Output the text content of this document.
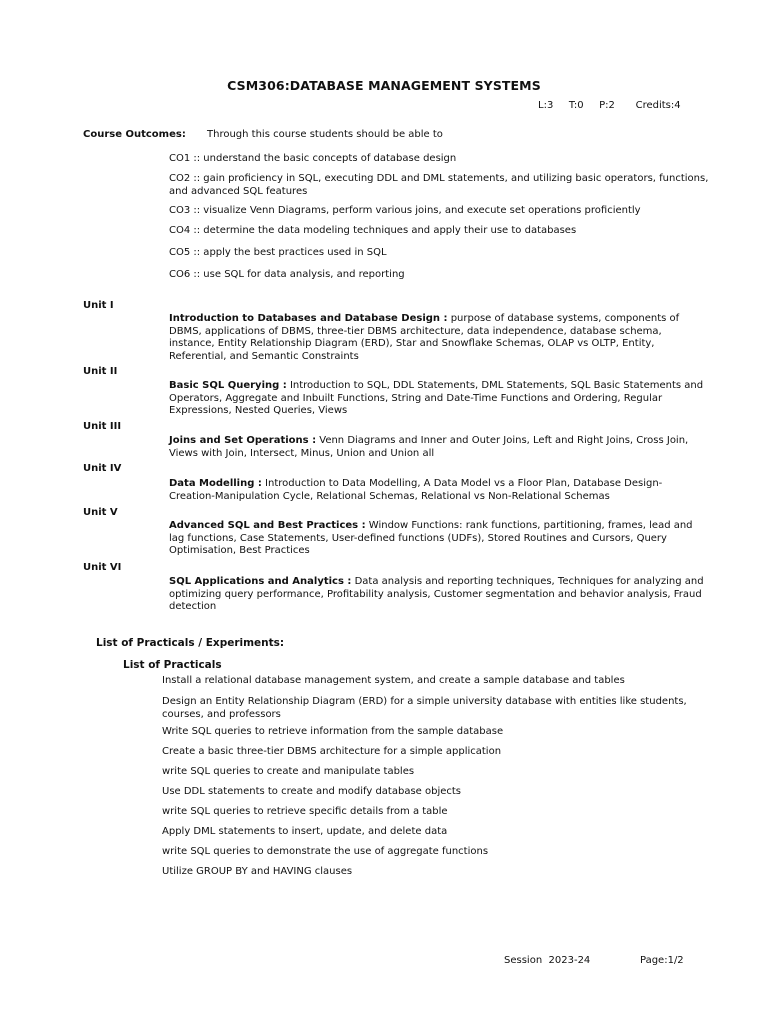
CSM306:DATABASE MANAGEMENT SYSTEMS
L:3   T:0   P:2    Credits:4
Course Outcomes: Through this course students should be able to
CO1 :: understand the basic concepts of database design
CO2 :: gain proficiency in SQL, executing DDL and DML statements, and utilizing basic operators, functions, and advanced SQL features
CO3 :: visualize Venn Diagrams, perform various joins, and execute set operations proficiently
CO4 :: determine the data modeling techniques and apply their use to databases
CO5 :: apply the best practices used in SQL
CO6 :: use SQL for data analysis, and reporting
Unit I
Introduction to Databases and Database Design : purpose of database systems, components of DBMS, applications of DBMS, three-tier DBMS architecture, data independence, database schema, instance, Entity Relationship Diagram (ERD), Star and Snowflake Schemas, OLAP vs OLTP, Entity, Referential, and Semantic Constraints
Unit II
Basic SQL Querying : Introduction to SQL, DDL Statements, DML Statements, SQL Basic Statements and Operators, Aggregate and Inbuilt Functions, String and Date-Time Functions and Ordering, Regular Expressions, Nested Queries, Views
Unit III
Joins and Set Operations : Venn Diagrams and Inner and Outer Joins, Left and Right Joins, Cross Join, Views with Join, Intersect, Minus, Union and Union all
Unit IV
Data Modelling : Introduction to Data Modelling, A Data Model vs a Floor Plan, Database Design-Creation-Manipulation Cycle, Relational Schemas, Relational vs Non-Relational Schemas
Unit V
Advanced SQL and Best Practices : Window Functions: rank functions, partitioning, frames, lead and lag functions, Case Statements, User-defined functions (UDFs), Stored Routines and Cursors, Query Optimisation, Best Practices
Unit VI
SQL Applications and Analytics : Data analysis and reporting techniques, Techniques for analyzing and optimizing query performance, Profitability analysis, Customer segmentation and behavior analysis, Fraud detection
List of Practicals / Experiments:
List of Practicals
Install a relational database management system, and create a sample database and tables
Design an Entity Relationship Diagram (ERD) for a simple university database with entities like students, courses, and professors
Write SQL queries to retrieve information from the sample database
Create a basic three-tier DBMS architecture for a simple application
write SQL queries to create and manipulate tables
Use DDL statements to create and modify database objects
write SQL queries to retrieve specific details from a table
Apply DML statements to insert, update, and delete data
write SQL queries to demonstrate the use of aggregate functions
Utilize GROUP BY and HAVING clauses
Session  2023-24	Page:1/2
